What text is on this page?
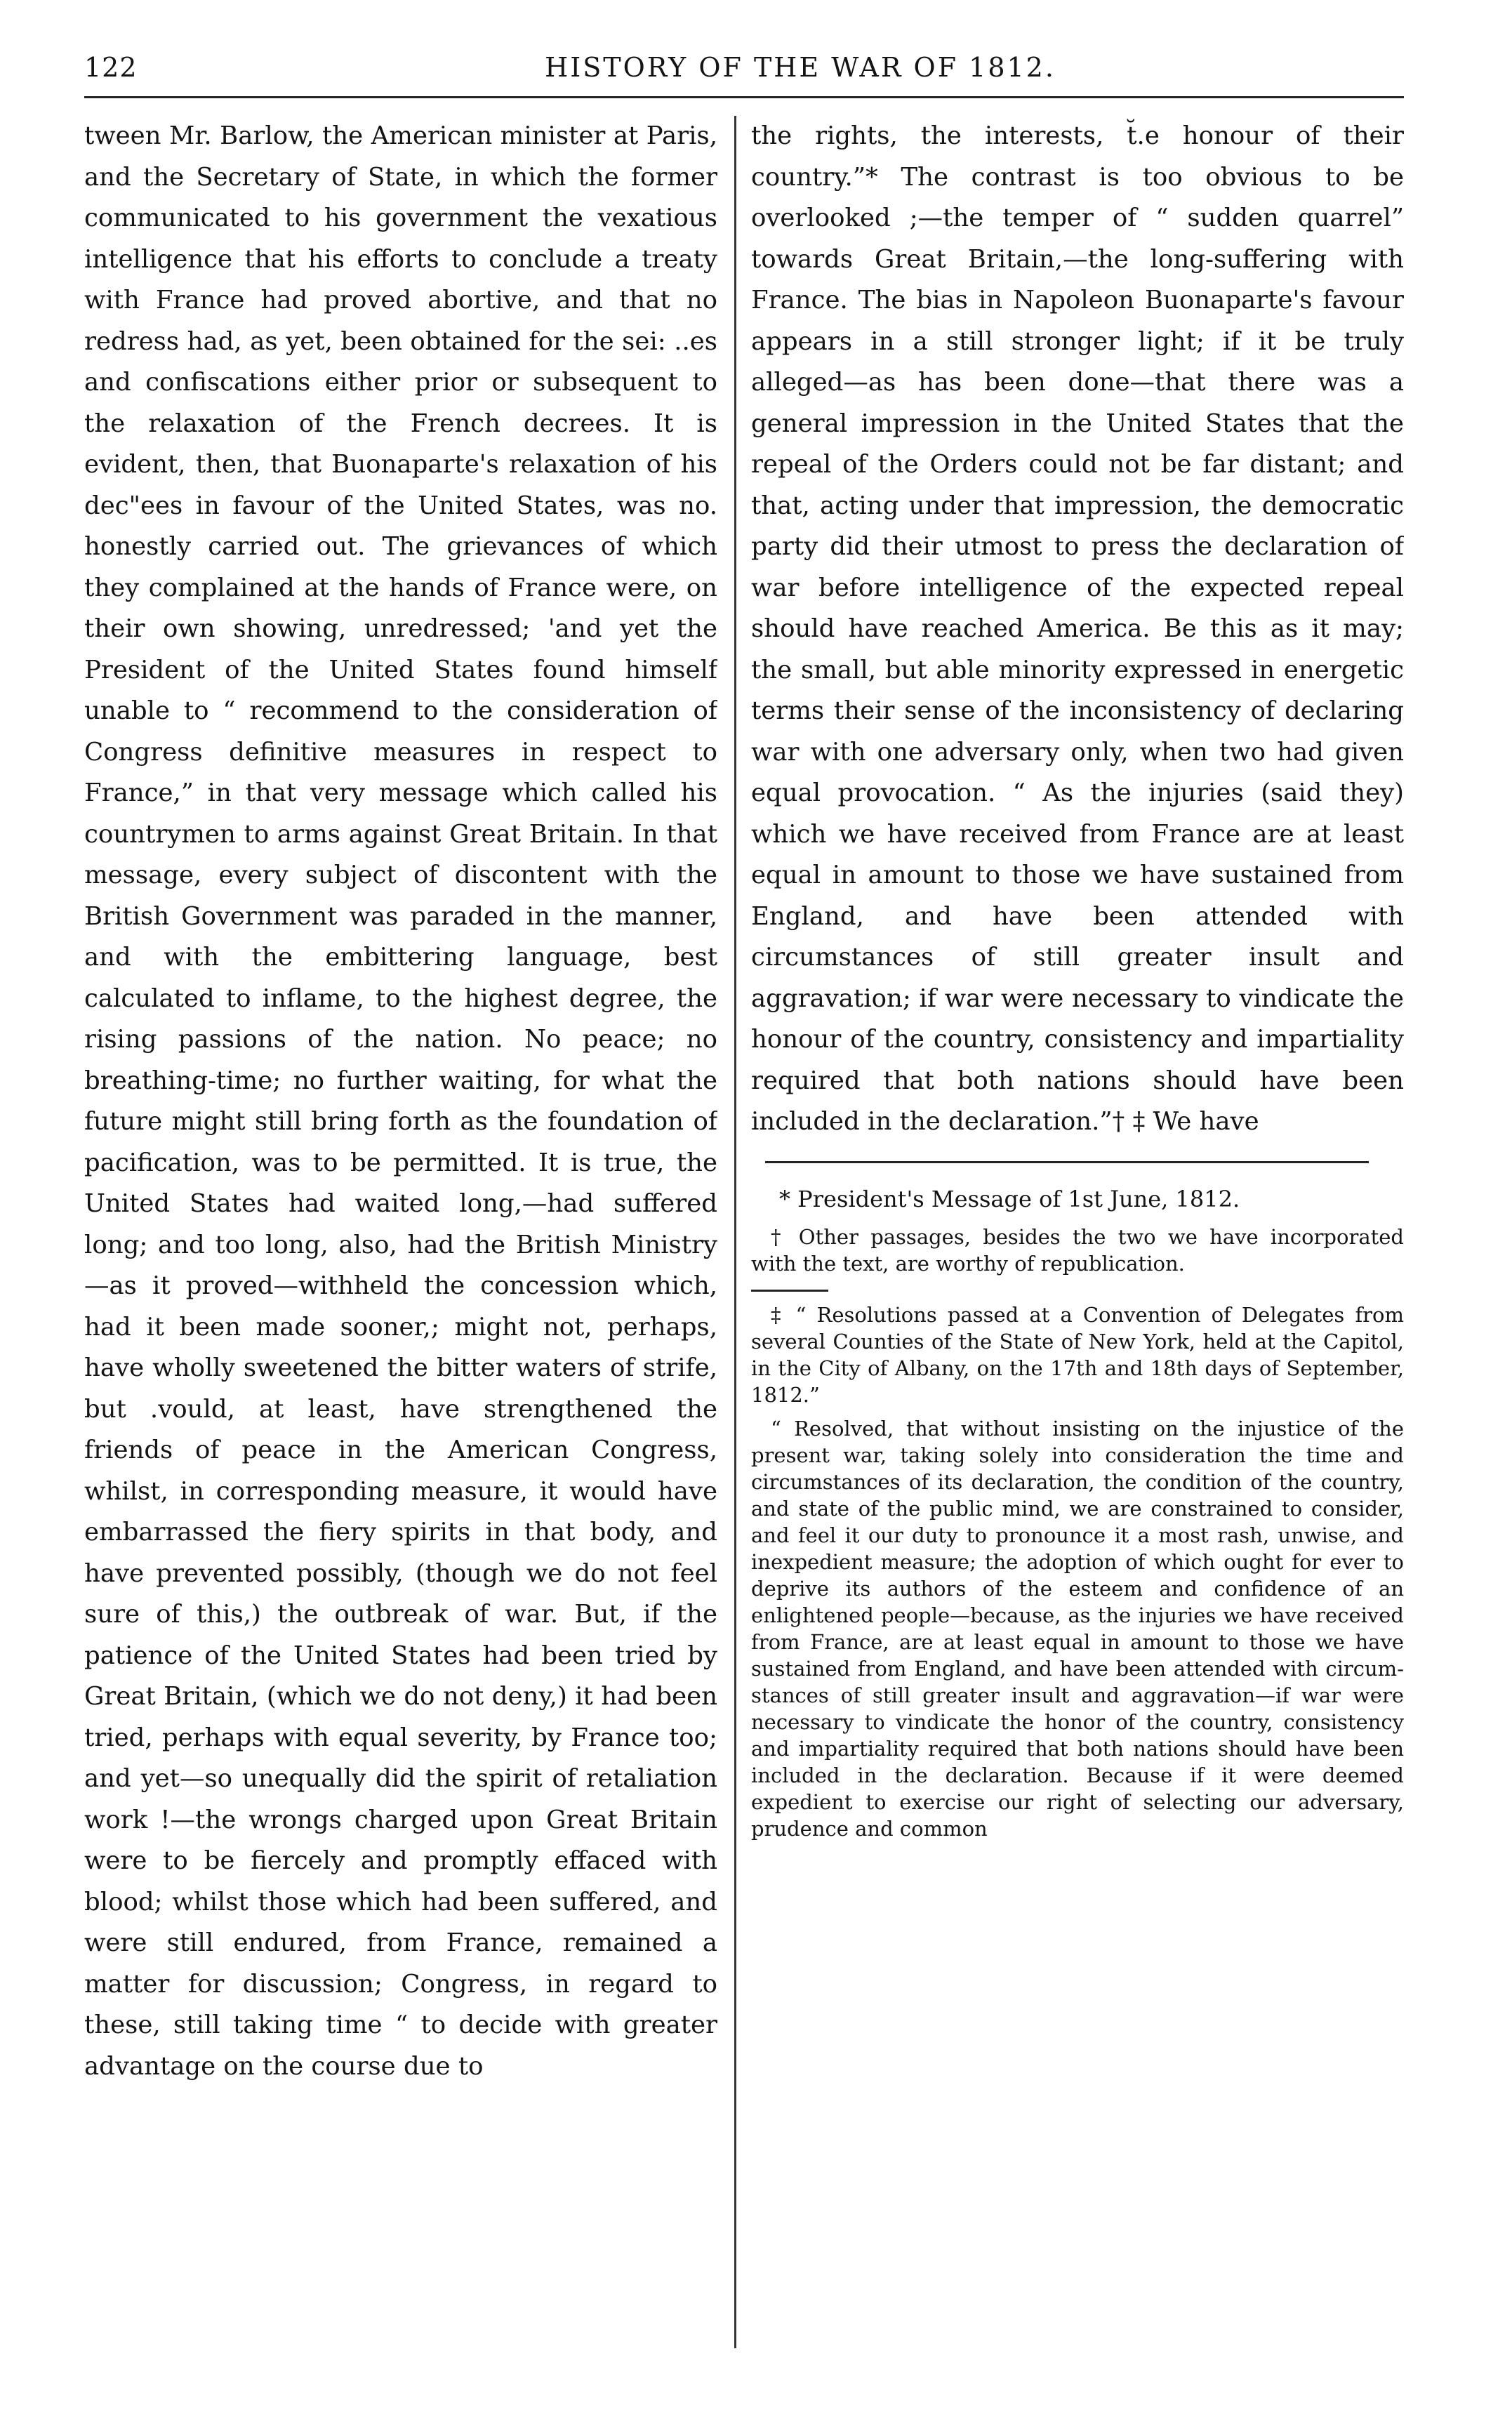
122	HISTORY OF THE WAR OF 1812.

tween Mr. Barlow, the American minister at Paris, and the Secretary of State, in which the former communicated to his government the vexatious intelligence that his efforts to conclude a treaty with France had proved abortive, and that no redress had, as yet, been obtained for the sei: ..es and confiscations either prior or subsequent to the relaxation of the French decrees. It is evident, then, that Buonaparte's relaxation of his dec"ees in favour of the United States, was no. honestly carried out. The grievances of which they complained at the hands of France were, on their own showing, unredressed; 'and yet the President of the United States found himself unable to “ recommend to the consideration of Congress definitive measures in respect to France,” in that very message which called his countrymen to arms against Great Britain. In that message, every subject of discontent with the British Government was paraded in the manner, and with the embittering language, best calculated to inflame, to the highest degree, the rising passions of the nation. No peace; no breathing-time; no further waiting, for what the future might still bring forth as the foundation of pacification, was to be permitted. It is true, the United States had waited long,—had suffered long; and too long, also, had the British Ministry—as it proved—withheld the concession which, had it been made sooner,; might not, perhaps, have wholly sweetened the bitter waters of strife, but .vould, at least, have strengthened the friends of peace in the American Congress, whilst, in corresponding measure, it would have embarrassed the fiery spirits in that body, and have prevented possibly, (though we do not feel sure of this,) the outbreak of war. But, if the patience of the United States had been tried by Great Britain, (which we do not deny,) it had been tried, perhaps with equal severity, by France too; and yet—so unequally did the spirit of retaliation work !—the wrongs charged upon Great Britain were to be fiercely and promptly effaced with blood; whilst those which had been suffered, and were still endured, from France, remained a matter for discussion; Congress, in regard to these, still taking time “ to decide with greater advantage on the course due to

the rights, the interests, t̆.e honour of their country.”* The contrast is too obvious to be overlooked ;—the temper of “ sudden quarrel” towards Great Britain,—the long-suffering with France. The bias in Napoleon Buonaparte's favour appears in a still stronger light; if it be truly alleged—as has been done—that there was a general impression in the United States that the repeal of the Orders could not be far distant; and that, acting under that impression, the democratic party did their utmost to press the declaration of war before intelligence of the expected repeal should have reached America. Be this as it may; the small, but able minority expressed in energetic terms their sense of the inconsistency of declaring war with one adversary only, when two had given equal provocation. “ As the injuries (said they) which we have received from France are at least equal in amount to those we have sustained from England, and have been attended with circumstances of still greater insult and aggravation; if war were necessary to vindicate the honour of the country, consistency and impartiality required that both nations should have been included in the declaration.”† ‡ We have

* President's Message of 1st June, 1812.

† Other passages, besides the two we have incorporated with the text, are worthy of republication.

‡ “ Resolutions passed at a Convention of Delegates from several Counties of the State of New York, held at the Capitol, in the City of Albany, on the 17th and 18th days of September, 1812.”

“ Resolved, that without insisting on the injustice of the present war, taking solely into consideration the time and circumstances of its declaration, the condition of the country, and state of the public mind, we are constrained to consider, and feel it our duty to pronounce it a most rash, unwise, and inexpedient measure; the adoption of which ought for ever to deprive its authors of the esteem and confidence of an enlightened people—because, as the injuries we have received from France, are at least equal in amount to those we have sustained from England, and have been attended with circumstances of still greater insult and aggravation—if war were necessary to vindicate the honor of the country, consistency and impartiality required that both nations should have been included in the declaration. Because if it were deemed expedient to exercise our right of selecting our adversary, prudence and common
